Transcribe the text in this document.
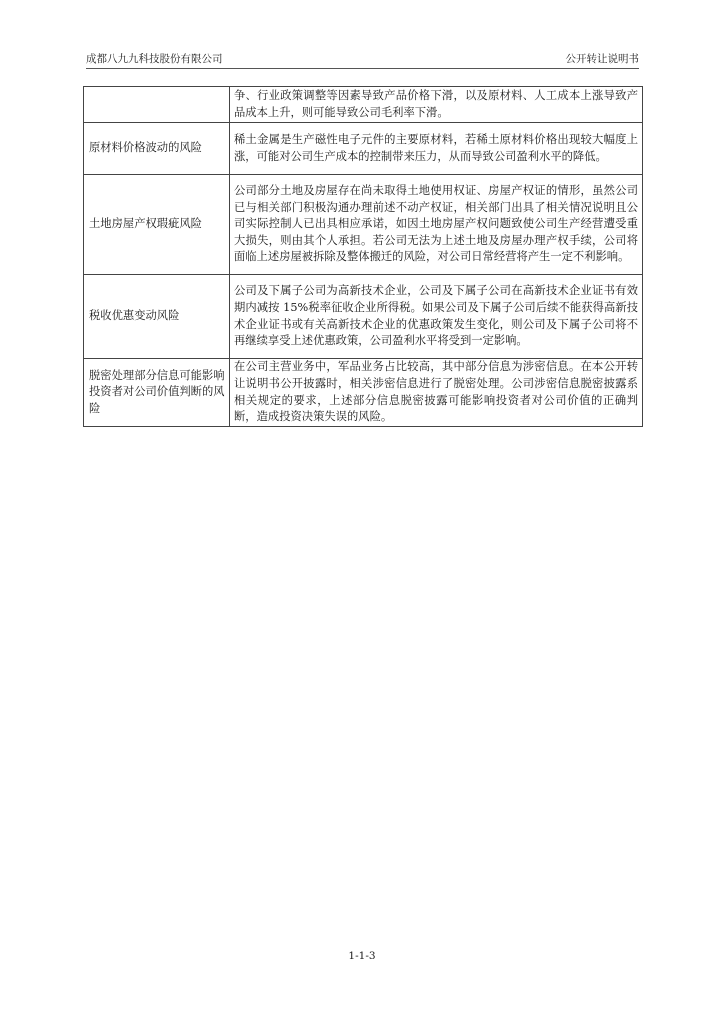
成都八九九科技股份有限公司	公开转让说明书
	争、行业政策调整等因素导致产品价格下滑，以及原材料、人工成本上涨导致产品成本上升，则可能导致公司毛利率下滑。
原材料价格波动的风险	稀土金属是生产磁性电子元件的主要原材料，若稀土原材料价格出现较大幅度上涨，可能对公司生产成本的控制带来压力，从而导致公司盈利水平的降低。
土地房屋产权瑕疵风险	公司部分土地及房屋存在尚未取得土地使用权证、房屋产权证的情形，虽然公司已与相关部门积极沟通办理前述不动产权证，相关部门出具了相关情况说明且公司实际控制人已出具相应承诺，如因土地房屋产权问题致使公司生产经营遭受重大损失，则由其个人承担。若公司无法为上述土地及房屋办理产权手续，公司将面临上述房屋被拆除及整体搬迁的风险，对公司日常经营将产生一定不利影响。
税收优惠变动风险	公司及下属子公司为高新技术企业，公司及下属子公司在高新技术企业证书有效期内减按 15%税率征收企业所得税。如果公司及下属子公司后续不能获得高新技术企业证书或有关高新技术企业的优惠政策发生变化，则公司及下属子公司将不再继续享受上述优惠政策，公司盈利水平将受到一定影响。
脱密处理部分信息可能影响投资者对公司价值判断的风险	在公司主营业务中，军品业务占比较高，其中部分信息为涉密信息。在本公开转让说明书公开披露时，相关涉密信息进行了脱密处理。公司涉密信息脱密披露系相关规定的要求，上述部分信息脱密披露可能影响投资者对公司价值的正确判断，造成投资决策失误的风险。
1-1-3
